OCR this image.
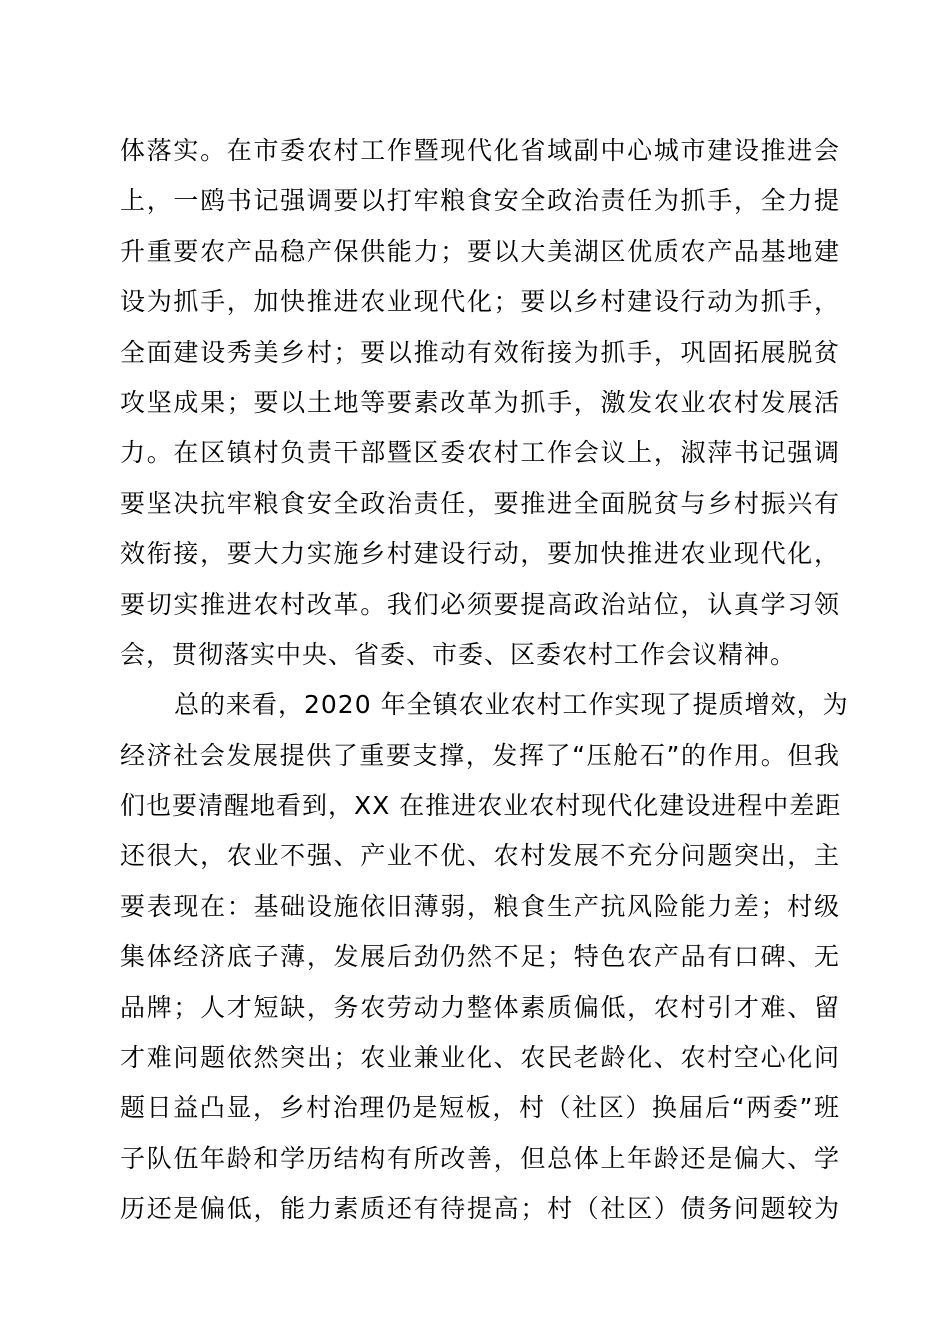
体落实。在市委农村工作暨现代化省域副中心城市建设推进会
上，一鸥书记强调要以打牢粮食安全政治责任为抓手，全力提
升重要农产品稳产保供能力；要以大美湖区优质农产品基地建
设为抓手，加快推进农业现代化；要以乡村建设行动为抓手，
全面建设秀美乡村；要以推动有效衔接为抓手，巩固拓展脱贫
攻坚成果；要以土地等要素改革为抓手，激发农业农村发展活
力。在区镇村负责干部暨区委农村工作会议上，淑萍书记强调
要坚决抗牢粮食安全政治责任，要推进全面脱贫与乡村振兴有
效衔接，要大力实施乡村建设行动，要加快推进农业现代化，
要切实推进农村改革。我们必须要提高政治站位，认真学习领
会，贯彻落实中央、省委、市委、区委农村工作会议精神。
总的来看，2020 年全镇农业农村工作实现了提质增效，为
经济社会发展提供了重要支撑，发挥了“压舱石”的作用。但我
们也要清醒地看到，XX 在推进农业农村现代化建设进程中差距
还很大，农业不强、产业不优、农村发展不充分问题突出，主
要表现在：基础设施依旧薄弱，粮食生产抗风险能力差；村级
集体经济底子薄，发展后劲仍然不足；特色农产品有口碑、无
品牌；人才短缺，务农劳动力整体素质偏低，农村引才难、留
才难问题依然突出；农业兼业化、农民老龄化、农村空心化问
题日益凸显，乡村治理仍是短板，村（社区）换届后“两委”班
子队伍年龄和学历结构有所改善，但总体上年龄还是偏大、学
历还是偏低，能力素质还有待提高；村（社区）债务问题较为
